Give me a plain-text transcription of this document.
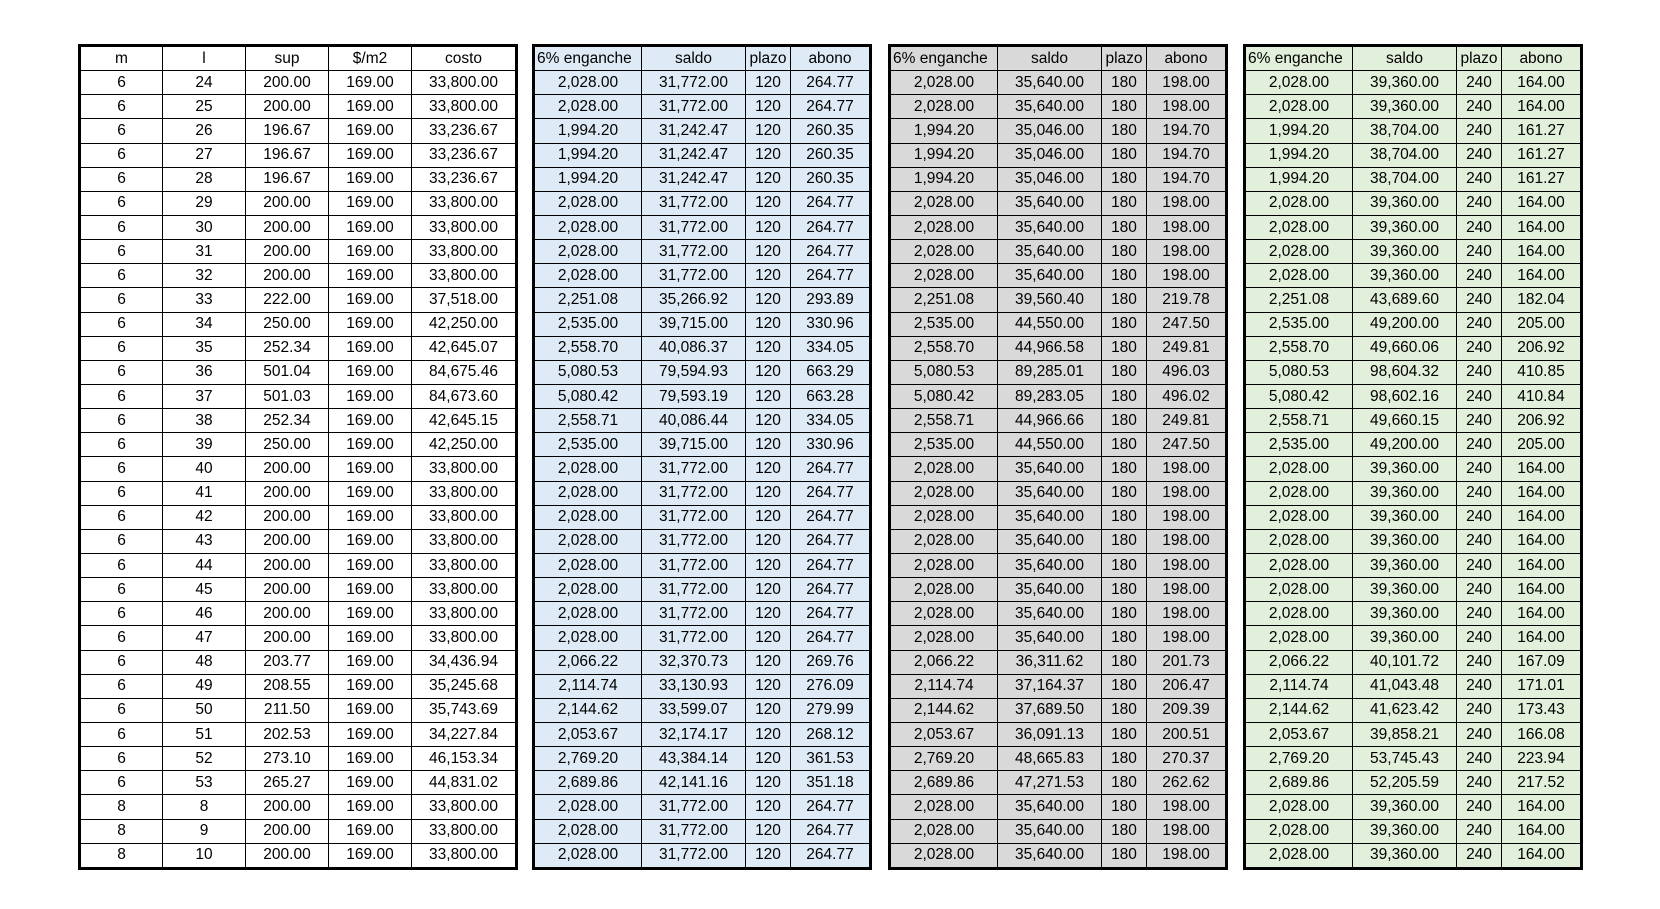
m	l	sup	$/m2	costo
6	24	200.00	169.00	33,800.00
6	25	200.00	169.00	33,800.00
6	26	196.67	169.00	33,236.67
6	27	196.67	169.00	33,236.67
6	28	196.67	169.00	33,236.67
6	29	200.00	169.00	33,800.00
6	30	200.00	169.00	33,800.00
6	31	200.00	169.00	33,800.00
6	32	200.00	169.00	33,800.00
6	33	222.00	169.00	37,518.00
6	34	250.00	169.00	42,250.00
6	35	252.34	169.00	42,645.07
6	36	501.04	169.00	84,675.46
6	37	501.03	169.00	84,673.60
6	38	252.34	169.00	42,645.15
6	39	250.00	169.00	42,250.00
6	40	200.00	169.00	33,800.00
6	41	200.00	169.00	33,800.00
6	42	200.00	169.00	33,800.00
6	43	200.00	169.00	33,800.00
6	44	200.00	169.00	33,800.00
6	45	200.00	169.00	33,800.00
6	46	200.00	169.00	33,800.00
6	47	200.00	169.00	33,800.00
6	48	203.77	169.00	34,436.94
6	49	208.55	169.00	35,245.68
6	50	211.50	169.00	35,743.69
6	51	202.53	169.00	34,227.84
6	52	273.10	169.00	46,153.34
6	53	265.27	169.00	44,831.02
8	8	200.00	169.00	33,800.00
8	9	200.00	169.00	33,800.00
8	10	200.00	169.00	33,800.00
6% enganche	saldo	plazo	abono
2,028.00	31,772.00	120	264.77
2,028.00	31,772.00	120	264.77
1,994.20	31,242.47	120	260.35
1,994.20	31,242.47	120	260.35
1,994.20	31,242.47	120	260.35
2,028.00	31,772.00	120	264.77
2,028.00	31,772.00	120	264.77
2,028.00	31,772.00	120	264.77
2,028.00	31,772.00	120	264.77
2,251.08	35,266.92	120	293.89
2,535.00	39,715.00	120	330.96
2,558.70	40,086.37	120	334.05
5,080.53	79,594.93	120	663.29
5,080.42	79,593.19	120	663.28
2,558.71	40,086.44	120	334.05
2,535.00	39,715.00	120	330.96
2,028.00	31,772.00	120	264.77
2,028.00	31,772.00	120	264.77
2,028.00	31,772.00	120	264.77
2,028.00	31,772.00	120	264.77
2,028.00	31,772.00	120	264.77
2,028.00	31,772.00	120	264.77
2,028.00	31,772.00	120	264.77
2,028.00	31,772.00	120	264.77
2,066.22	32,370.73	120	269.76
2,114.74	33,130.93	120	276.09
2,144.62	33,599.07	120	279.99
2,053.67	32,174.17	120	268.12
2,769.20	43,384.14	120	361.53
2,689.86	42,141.16	120	351.18
2,028.00	31,772.00	120	264.77
2,028.00	31,772.00	120	264.77
2,028.00	31,772.00	120	264.77
6% enganche	saldo	plazo	abono
2,028.00	35,640.00	180	198.00
2,028.00	35,640.00	180	198.00
1,994.20	35,046.00	180	194.70
1,994.20	35,046.00	180	194.70
1,994.20	35,046.00	180	194.70
2,028.00	35,640.00	180	198.00
2,028.00	35,640.00	180	198.00
2,028.00	35,640.00	180	198.00
2,028.00	35,640.00	180	198.00
2,251.08	39,560.40	180	219.78
2,535.00	44,550.00	180	247.50
2,558.70	44,966.58	180	249.81
5,080.53	89,285.01	180	496.03
5,080.42	89,283.05	180	496.02
2,558.71	44,966.66	180	249.81
2,535.00	44,550.00	180	247.50
2,028.00	35,640.00	180	198.00
2,028.00	35,640.00	180	198.00
2,028.00	35,640.00	180	198.00
2,028.00	35,640.00	180	198.00
2,028.00	35,640.00	180	198.00
2,028.00	35,640.00	180	198.00
2,028.00	35,640.00	180	198.00
2,028.00	35,640.00	180	198.00
2,066.22	36,311.62	180	201.73
2,114.74	37,164.37	180	206.47
2,144.62	37,689.50	180	209.39
2,053.67	36,091.13	180	200.51
2,769.20	48,665.83	180	270.37
2,689.86	47,271.53	180	262.62
2,028.00	35,640.00	180	198.00
2,028.00	35,640.00	180	198.00
2,028.00	35,640.00	180	198.00
6% enganche	saldo	plazo	abono
2,028.00	39,360.00	240	164.00
2,028.00	39,360.00	240	164.00
1,994.20	38,704.00	240	161.27
1,994.20	38,704.00	240	161.27
1,994.20	38,704.00	240	161.27
2,028.00	39,360.00	240	164.00
2,028.00	39,360.00	240	164.00
2,028.00	39,360.00	240	164.00
2,028.00	39,360.00	240	164.00
2,251.08	43,689.60	240	182.04
2,535.00	49,200.00	240	205.00
2,558.70	49,660.06	240	206.92
5,080.53	98,604.32	240	410.85
5,080.42	98,602.16	240	410.84
2,558.71	49,660.15	240	206.92
2,535.00	49,200.00	240	205.00
2,028.00	39,360.00	240	164.00
2,028.00	39,360.00	240	164.00
2,028.00	39,360.00	240	164.00
2,028.00	39,360.00	240	164.00
2,028.00	39,360.00	240	164.00
2,028.00	39,360.00	240	164.00
2,028.00	39,360.00	240	164.00
2,028.00	39,360.00	240	164.00
2,066.22	40,101.72	240	167.09
2,114.74	41,043.48	240	171.01
2,144.62	41,623.42	240	173.43
2,053.67	39,858.21	240	166.08
2,769.20	53,745.43	240	223.94
2,689.86	52,205.59	240	217.52
2,028.00	39,360.00	240	164.00
2,028.00	39,360.00	240	164.00
2,028.00	39,360.00	240	164.00
